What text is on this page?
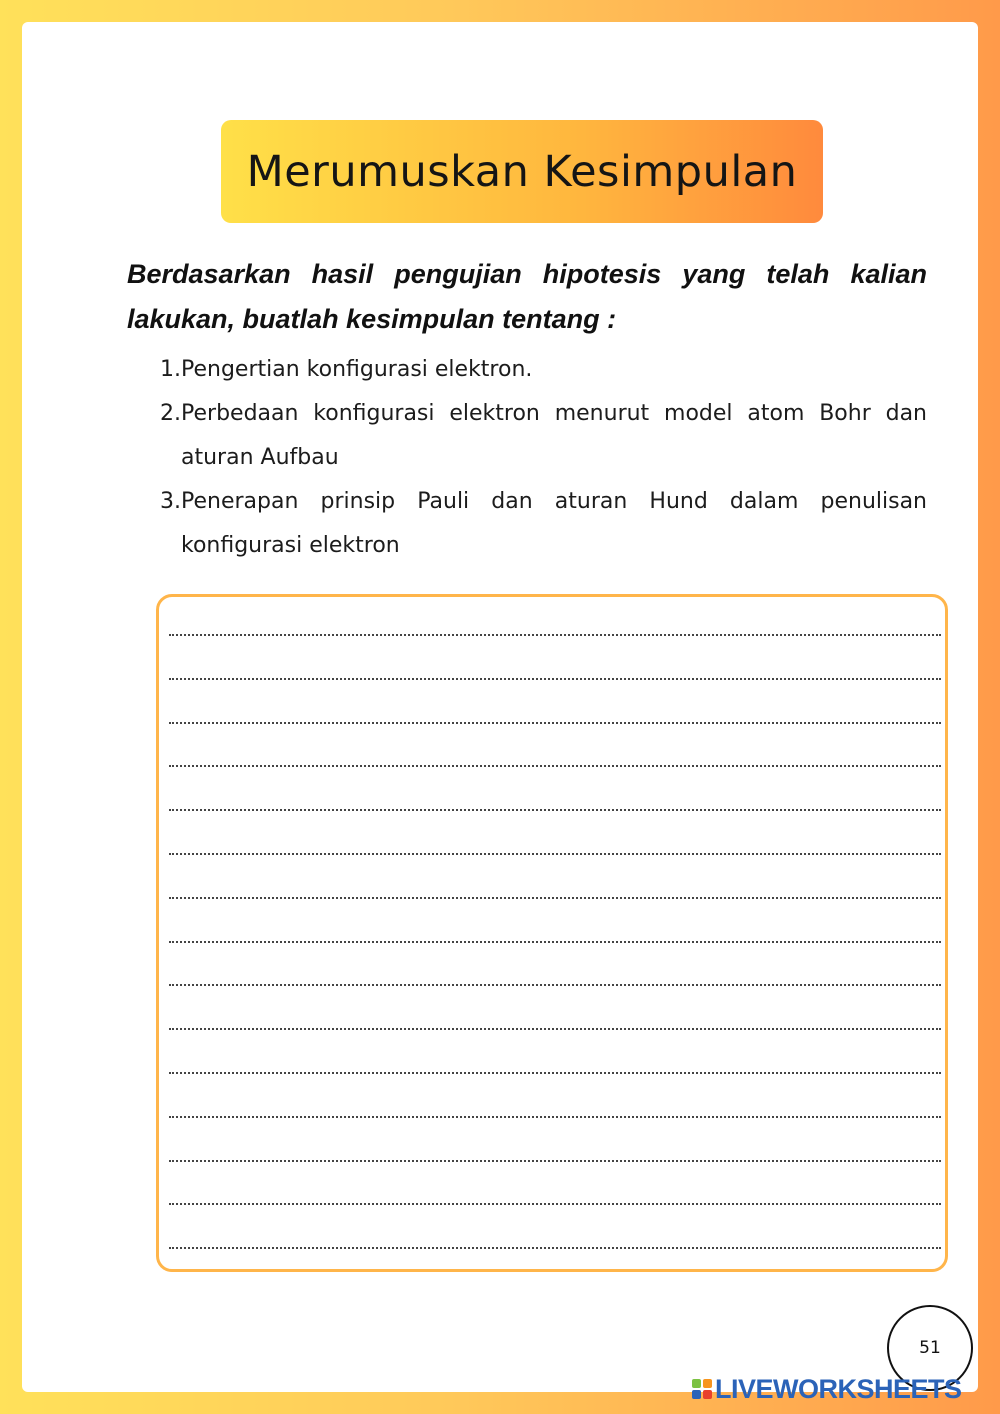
Merumuskan Kesimpulan

Berdasarkan hasil pengujian hipotesis yang telah kalian lakukan, buatlah kesimpulan tentang :

1. Pengertian konfigurasi elektron.
2. Perbedaan konfigurasi elektron menurut model atom Bohr dan aturan Aufbau
3. Penerapan prinsip Pauli dan aturan Hund dalam penulisan konfigurasi elektron
51
LIVEWORKSHEETS
